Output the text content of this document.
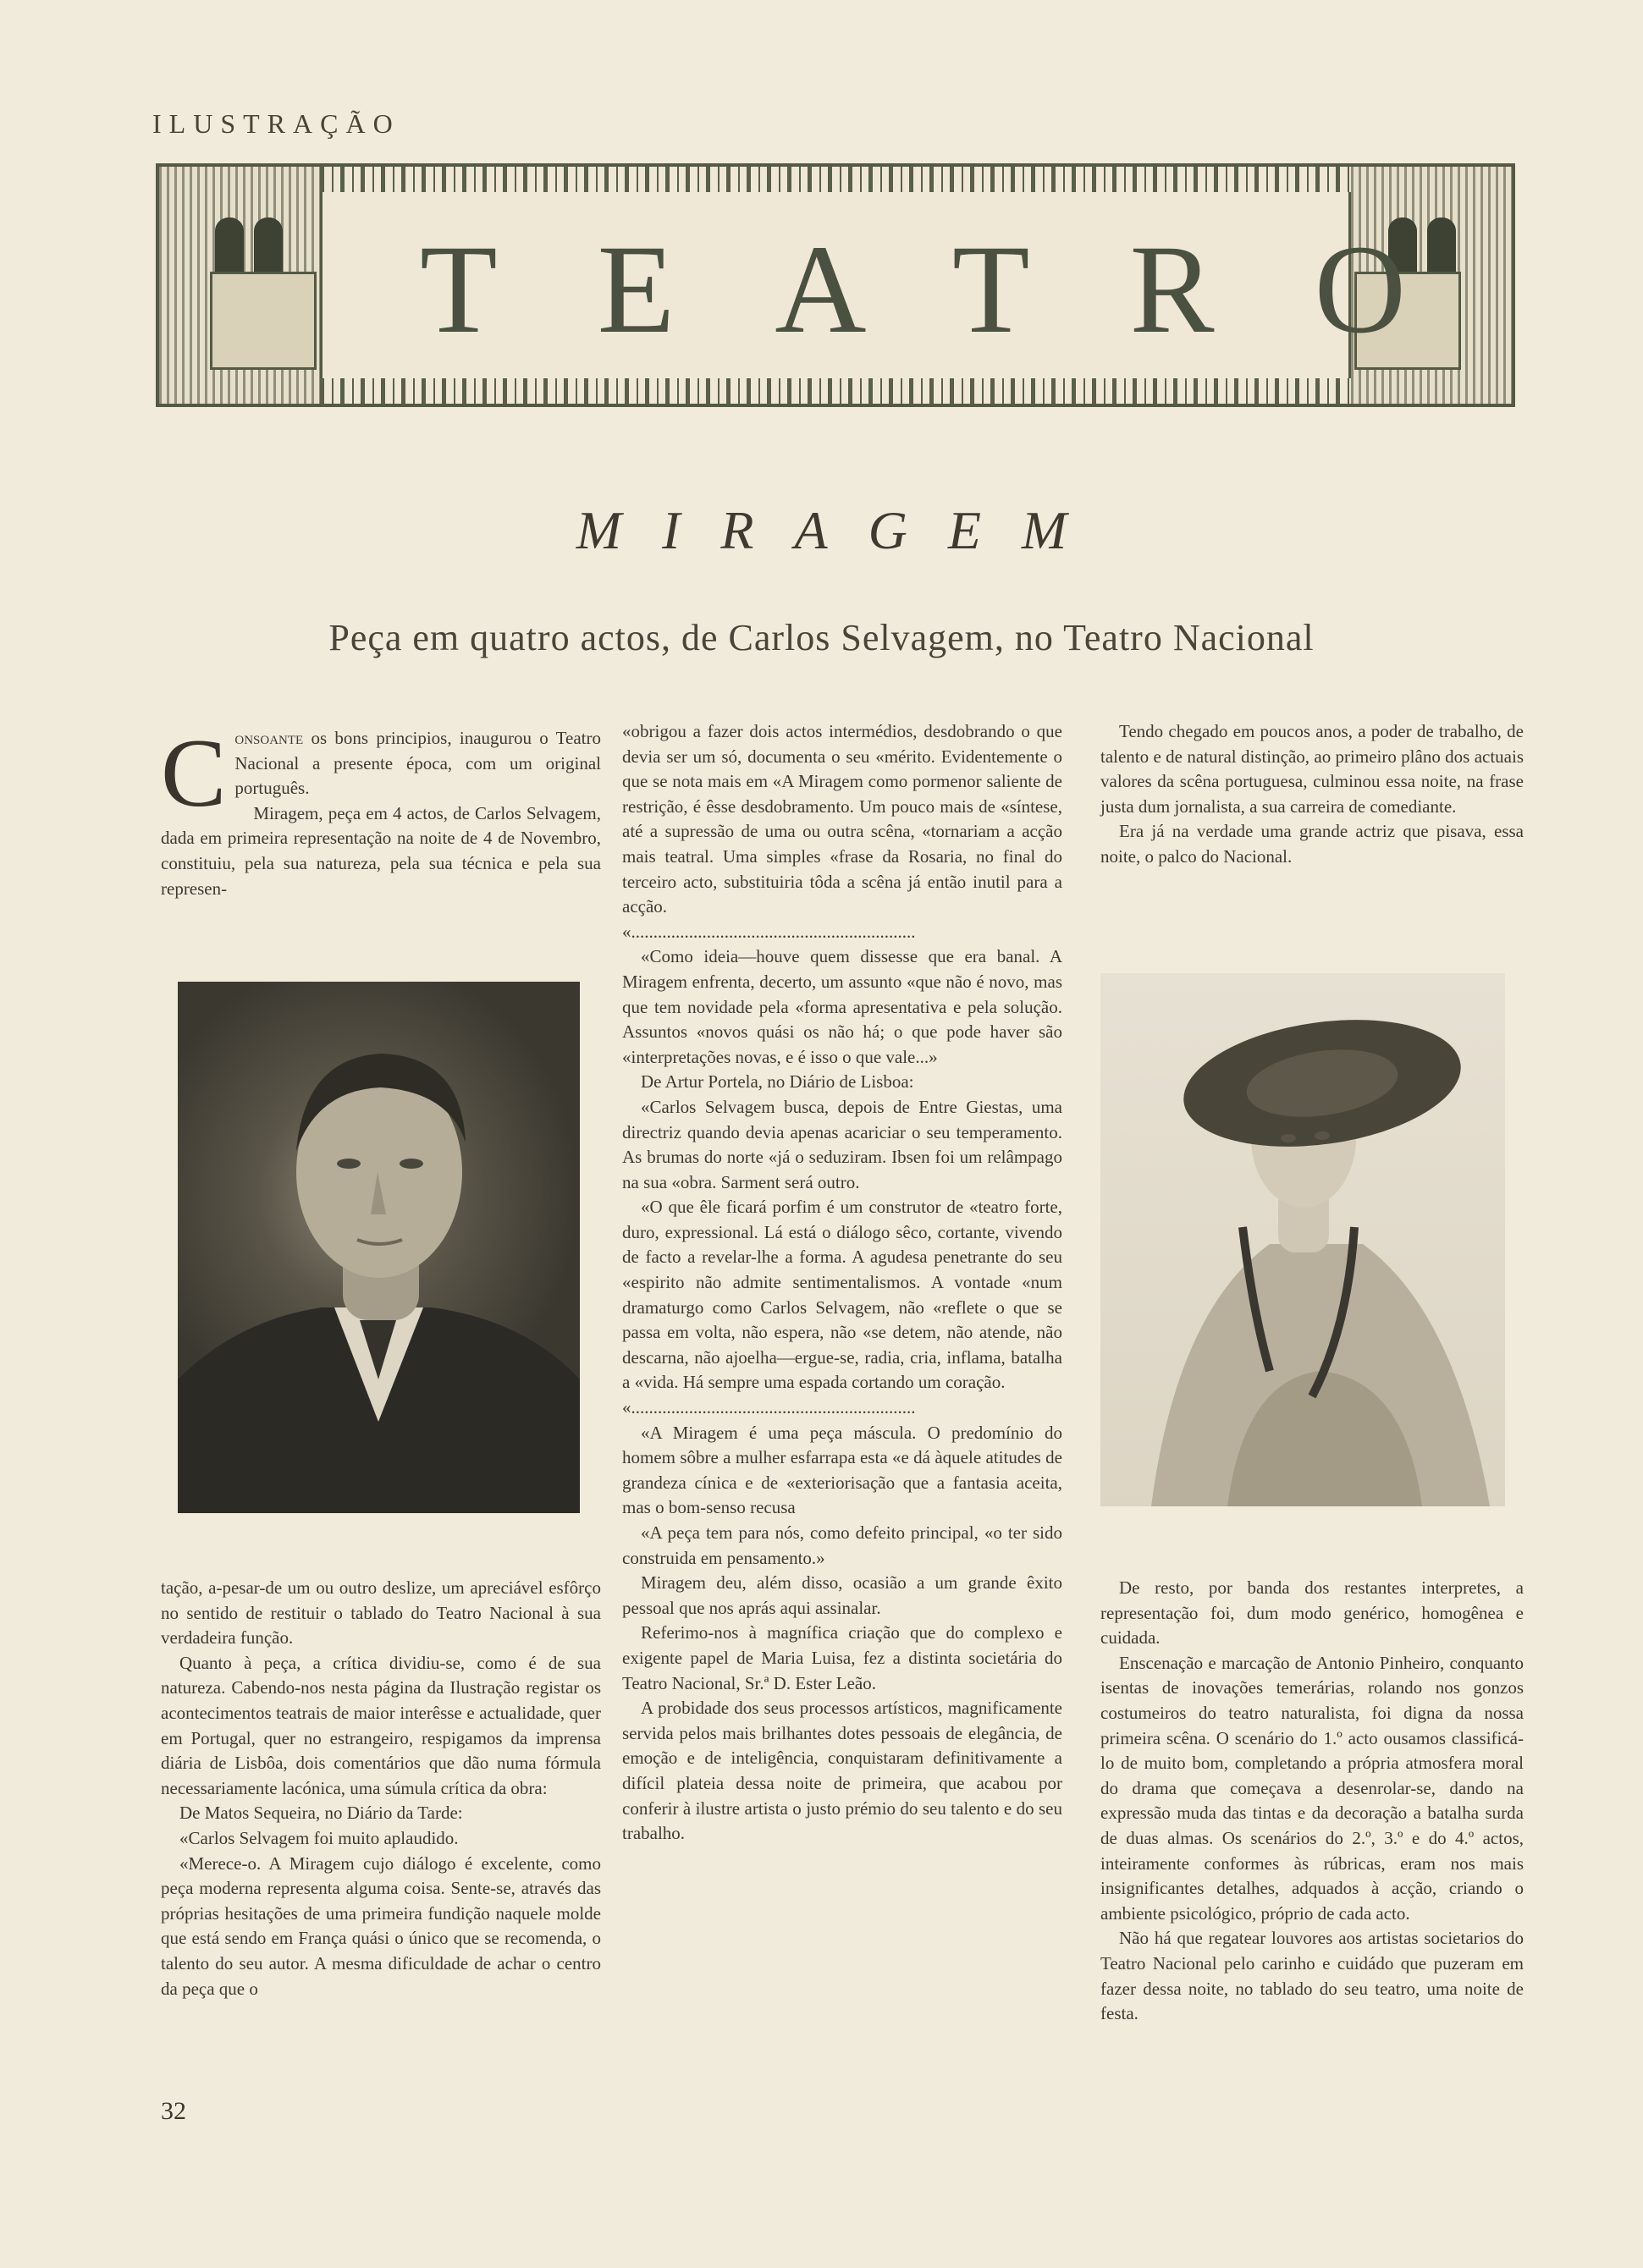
ILUSTRAÇÃO
TEATRO
MIRAGEM
Peça em quatro actos, de Carlos Selvagem, no Teatro Nacional
C onsoante os bons principios, inaugurou o Teatro Nacional a presente época, com um original português.

Miragem, peça em 4 actos, de Carlos Selvagem, dada em primeira representação na noite de 4 de Novembro, constituiu, pela sua natureza, pela sua técnica e pela sua represen-

tação, a-pesar-de um ou outro deslize, um apreciável esfôrço no sentido de restituir o tablado do Teatro Nacional à sua verdadeira função.

Quanto à peça, a crítica dividiu-se, como é de sua natureza. Cabendo-nos nesta página da Ilustração registar os acontecimentos teatrais de maior interêsse e actualidade, quer em Portugal, quer no estrangeiro, respigamos da imprensa diária de Lisbôa, dois comentários que dão numa fórmula necessariamente lacónica, uma súmula crítica da obra:

De Matos Sequeira, no Diário da Tarde:

«Carlos Selvagem foi muito aplaudido.

«Merece-o. A Miragem cujo diálogo é excelente, como peça moderna representa alguma coisa. Sente-se, através das próprias hesitações de uma primeira fundição naquele molde que está sendo em França quási o único que se recomenda, o talento do seu autor. A mesma dificuldade de achar o centro da peça que o

«obrigou a fazer dois actos intermédios, desdobrando o que devia ser um só, documenta o seu «mérito. Evidentemente o que se nota mais em «A Miragem como pormenor saliente de restrição, é êsse desdobramento. Um pouco mais de «síntese, até a supressão de uma ou outra scêna, «tornariam a acção mais teatral. Uma simples «frase da Rosaria, no final do terceiro acto, substituiria tôda a scêna já então inutil para a acção.

«................................................................

«Como ideia—houve quem dissesse que era banal. A Miragem enfrenta, decerto, um assunto «que não é novo, mas que tem novidade pela «forma apresentativa e pela solução. Assuntos «novos quási os não há; o que pode haver são «interpretações novas, e é isso o que vale...»

De Artur Portela, no Diário de Lisboa:

«Carlos Selvagem busca, depois de Entre Giestas, uma directriz quando devia apenas acariciar o seu temperamento. As brumas do norte «já o seduziram. Ibsen foi um relâmpago na sua «obra. Sarment será outro.

«O que êle ficará porfim é um construtor de «teatro forte, duro, expressional. Lá está o diálogo sêco, cortante, vivendo de facto a revelar-lhe a forma. A agudesa penetrante do seu «espirito não admite sentimentalismos. A vontade «num dramaturgo como Carlos Selvagem, não «reflete o que se passa em volta, não espera, não «se detem, não atende, não descarna, não ajoelha—ergue-se, radia, cria, inflama, batalha a «vida. Há sempre uma espada cortando um coração.

«................................................................

«A Miragem é uma peça máscula. O predomínio do homem sôbre a mulher esfarrapa esta «e dá àquele atitudes de grandeza cínica e de «exteriorisação que a fantasia aceita, mas o bom-senso recusa

«A peça tem para nós, como defeito principal, «o ter sido construida em pensamento.»

Miragem deu, além disso, ocasião a um grande êxito pessoal que nos aprás aqui assinalar.

Referimo-nos à magnífica criação que do complexo e exigente papel de Maria Luisa, fez a distinta societária do Teatro Nacional, Sr.ª D. Ester Leão.

A probidade dos seus processos artísticos, magnificamente servida pelos mais brilhantes dotes pessoais de elegância, de emoção e de inteligência, conquistaram definitivamente a difícil plateia dessa noite de primeira, que acabou por conferir à ilustre artista o justo prémio do seu talento e do seu trabalho.

Tendo chegado em poucos anos, a poder de trabalho, de talento e de natural distinção, ao primeiro plâno dos actuais valores da scêna portuguesa, culminou essa noite, na frase justa dum jornalista, a sua carreira de comediante.

Era já na verdade uma grande actriz que pisava, essa noite, o palco do Nacional.

De resto, por banda dos restantes interpretes, a representação foi, dum modo genérico, homogênea e cuidada.

Enscenação e marcação de Antonio Pinheiro, conquanto isentas de inovações temerárias, rolando nos gonzos costumeiros do teatro naturalista, foi digna da nossa primeira scêna. O scenário do 1.º acto ousamos classificá-lo de muito bom, completando a própria atmosfera moral do drama que começava a desenrolar-se, dando na expressão muda das tintas e da decoração a batalha surda de duas almas. Os scenários do 2.º, 3.º e do 4.º actos, inteiramente conformes às rúbricas, eram nos mais insignificantes detalhes, adquados à acção, criando o ambiente psicológico, próprio de cada acto.

Não há que regatear louvores aos artistas societarios do Teatro Nacional pelo carinho e cuidádo que puzeram em fazer dessa noite, no tablado do seu teatro, uma noite de festa.

32
